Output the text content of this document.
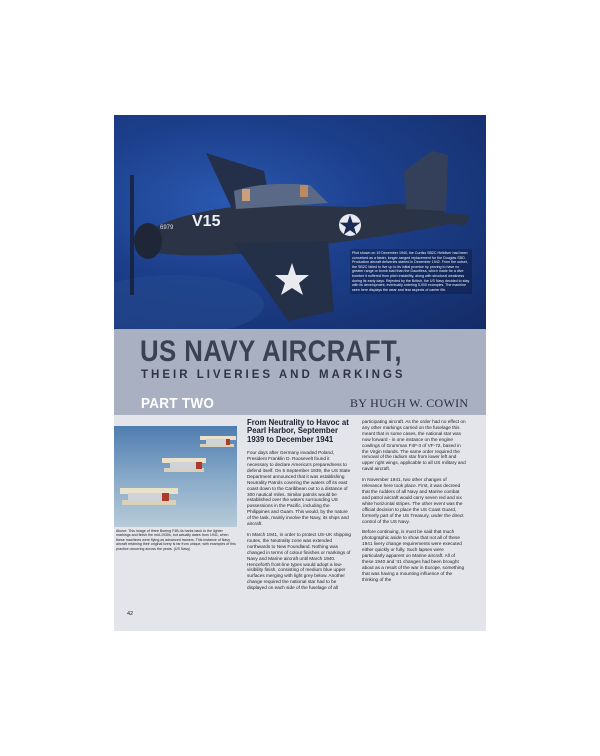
V15
6979
Pilot shown on 19 December 1940, the Curtiss SB2C Helldiver had been conceived as a faster, longer-ranged replacement for the Douglas SBD. Production aircraft deliveries started in December 1942. From the outset, the SB2C failed to live up to its initial promise by proving to have no greater range or bomb load than the Dauntless, which made for a dive bomber it suffered from pitch instability, along with structural weakness during its early days. Rejected by the British, the US Navy decided to stay with its development, eventually ordering 5,000 examples. The machine seen here displays the wear and tear aspects of carrier life.
US NAVY AIRCRAFT,
THEIR LIVERIES AND MARKINGS
PART TWO	BY HUGH W. COWIN
Above: This image of three Boeing F4B-4s harks back to the lighter markings and finish the mid-1930s, but actually dates from 1941, when these machines were flying as advanced trainers. This instance of Navy aircraft retaining their original livery is far from unique, with examples of this practice occurring across the years. (US Navy)
From Neutrality to Havoc at Pearl Harbor, September 1939 to December 1941

Four days after Germany invaded Poland, President Franklin D. Roosevelt found it necessary to declare America's preparedness to defend itself. On 5 September 1939, the US State Department announced that it was establishing Neutrality Patrols covering the waters off its east coast down to the Caribbean out to a distance of 300 nautical miles. Similar patrols would be established over the waters surrounding US possessions in the Pacific, including the Philippines and Guam. This would, by the nature of the task, mainly involve the Navy, its ships and aircraft.

In March 1941, in order to protect US-UK shipping routes, the Neutrality zone was extended northwards to New Foundland. Nothing was changed in terms of colour finishes or markings of Navy and Marine aircraft until March 1940. Henceforth front-line types would adopt a low-visibility finish, consisting of medium blue upper surfaces merging with light grey below. Another change required the national star had to be displayed on each side of the fuselage of all

participating aircraft. As the order had no effect on any other markings carried on the fuselage this meant that in some cases, the national star was now forward - in one instance on the engine cowlings of Grumman F4F-3 of VF-72, based in the Virgin Islands. The same order required the removal of the radium star from lower left and upper right wings, applicable to all US military and naval aircraft.

In November 1941, two other changes of relevance here took place. First, it was decreed that the rudders of all Navy and Marine combat and patrol aircraft would carry seven red and six white horizontal stripes. The other event was the official decision to place the US Coast Guard, formerly part of the US Treasury, under the direct control of the US Navy.

Before continuing, is must be said that much photographic aside to show that not all of these 1941 livery change requirements were executed either quickly or fully. Such lapses were particularly apparent on Marine aircraft. All of these 1940 and '41 changes had been brought about as a result of the war in Europe, something that was having a mounting influence of the thinking of the

42
